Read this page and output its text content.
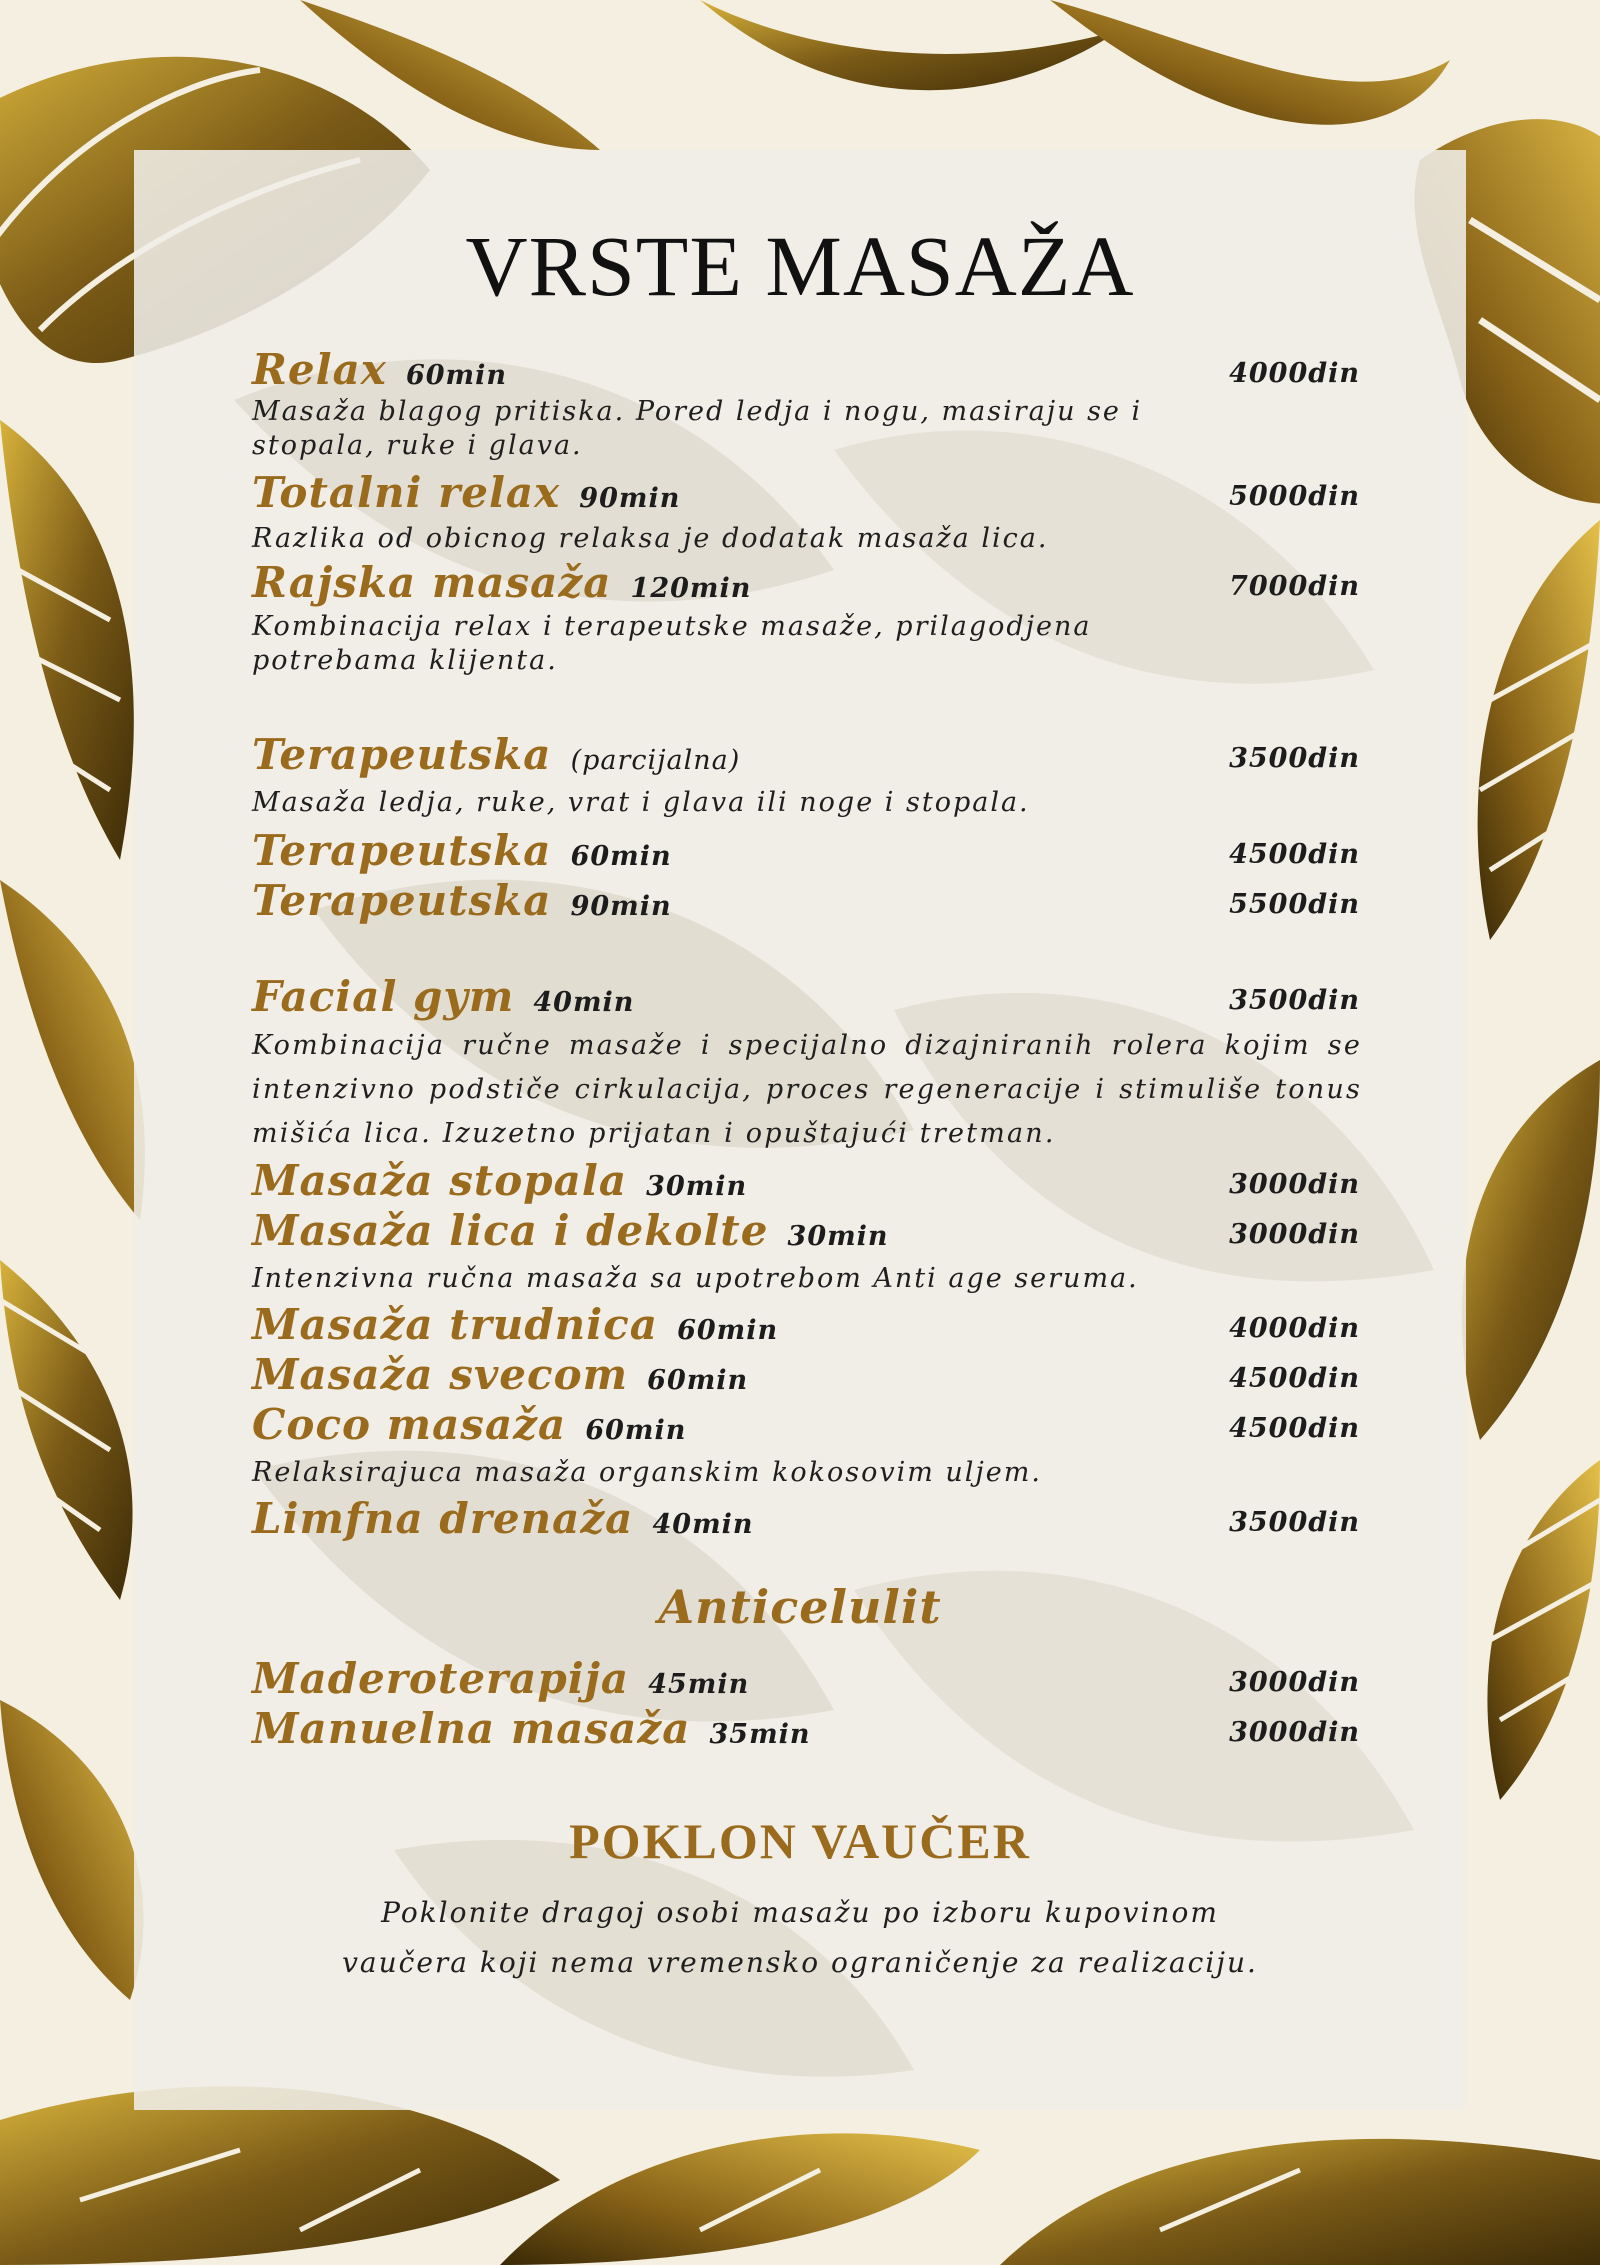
VRSTE MASAŽA
Relax 60min	4000din
Masaža blagog pritiska. Pored ledja i nogu, masiraju se i stopala, ruke i glava.
Totalni relax 90min	5000din
Razlika od obicnog relaksa je dodatak masaža lica.
Rajska masaža 120min	7000din
Kombinacija relax i terapeutske masaže, prilagodjena potrebama klijenta.
Terapeutska (parcijalna)	3500din
Masaža ledja, ruke, vrat i glava ili noge i stopala.
Terapeutska 60min	4500din
Terapeutska 90min	5500din
Facial gym 40min	3500din
Kombinacija ručne masaže i specijalno dizajniranih rolera kojim se intenzivno podstiče cirkulacija, proces regeneracije i stimuliše tonus mišića lica. Izuzetno prijatan i opuštajući tretman.
Masaža stopala 30min	3000din
Masaža lica i dekolte 30min	3000din
Intenzivna ručna masaža sa upotrebom Anti age seruma.
Masaža trudnica 60min	4000din
Masaža svecom 60min	4500din
Coco masaža 60min	4500din
Relaksirajuca masaža organskim kokosovim uljem.
Limfna drenaža 40min	3500din
Anticelulit
Maderoterapija 45min	3000din
Manuelna masaža 35min	3000din
POKLON VAUČER
Poklonite dragoj osobi masažu po izboru kupovinom
vaučera koji nema vremensko ograničenje za realizaciju.
